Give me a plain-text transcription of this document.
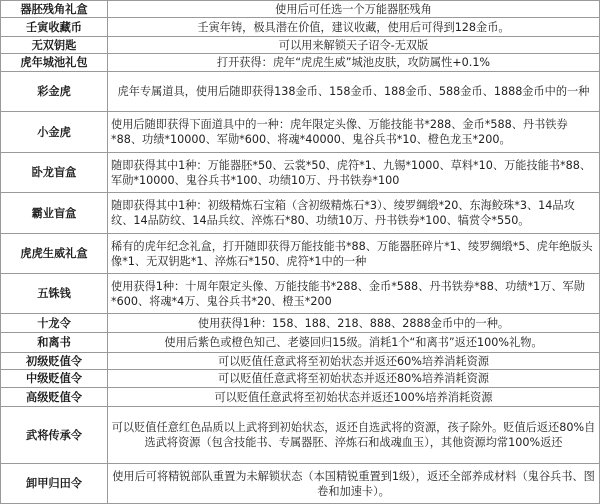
器胚残角礼盒	使用后可任选一个万能器胚残角
壬寅收藏币	壬寅年铸，极具潜在价值，建议收藏，使用后可得到128金币。
无双钥匙	可以用来解锁天子诏令-无双版
虎年城池礼包	打开获得：虎年“虎虎生威”城池皮肤，攻防属性+0.1%
彩金虎	虎年专属道具，使用后随即获得138金币、158金币、188金币、588金币、1888金币中的一种
小金虎	使用后随即获得下面道具中的一种：虎年限定头像、万能技能书*288、金币*588、丹书铁券*88、功绩*10000、军勋*600、将魂*40000、鬼谷兵书*10、橙色龙玉*200。
卧龙盲盒	随即获得其中1种：万能器胚*50、云裳*50、虎符*1、九锡*1000、草料*10、万能技能书*88、军勋*10000、鬼谷兵书*100、功绩10万、丹书铁券*100
霸业盲盒	随即获得其中1种：初级精炼石宝箱（含初级精炼石*3）、绫罗绸缎*20、东海鲛珠*3、14品攻纹、14品防纹、14品兵纹、淬炼石*80、功绩10万、丹书铁券*100、犒赏令*550。
虎虎生威礼盒	稀有的虎年纪念礼盒，打开随即获得万能技能书*88、万能器胚碎片*1、绫罗绸缎*5、虎年绝版头像*1、无双钥匙*1、淬炼石*150、虎符*1中的一种
五铢钱	使用获得1种：十周年限定头像、万能技能书*288、金币*588、丹书铁券*88、功绩*1万、军勋*600、将魂*4万、鬼谷兵书*20、橙玉*200
十龙令	使用获得1种：158、188、218、888、2888金币中的一种。
和离书	使用后紫色或橙色知己、老婆回归15级。消耗1个“和离书”返还100%礼物。
初级贬值令	可以贬值任意武将至初始状态并返还60%培养消耗资源
中级贬值令	可以贬值任意武将至初始状态并返还80%培养消耗资源
高级贬值令	可以贬值任意武将至初始状态并返还100%培养消耗资源
武将传承令	可以贬值任意红色品质以上武将到初始状态，返还自选武将的资源，孩子除外。贬值后返还80%自选武将资源（包含技能书、专属器胚、淬炼石和战魂血玉），其他资源均常100%返还
卸甲归田令	使用后可将精锐部队重置为未解锁状态（本国精锐重置到1级），返还全部养成材料（鬼谷兵书、图卷和加速卡）。
